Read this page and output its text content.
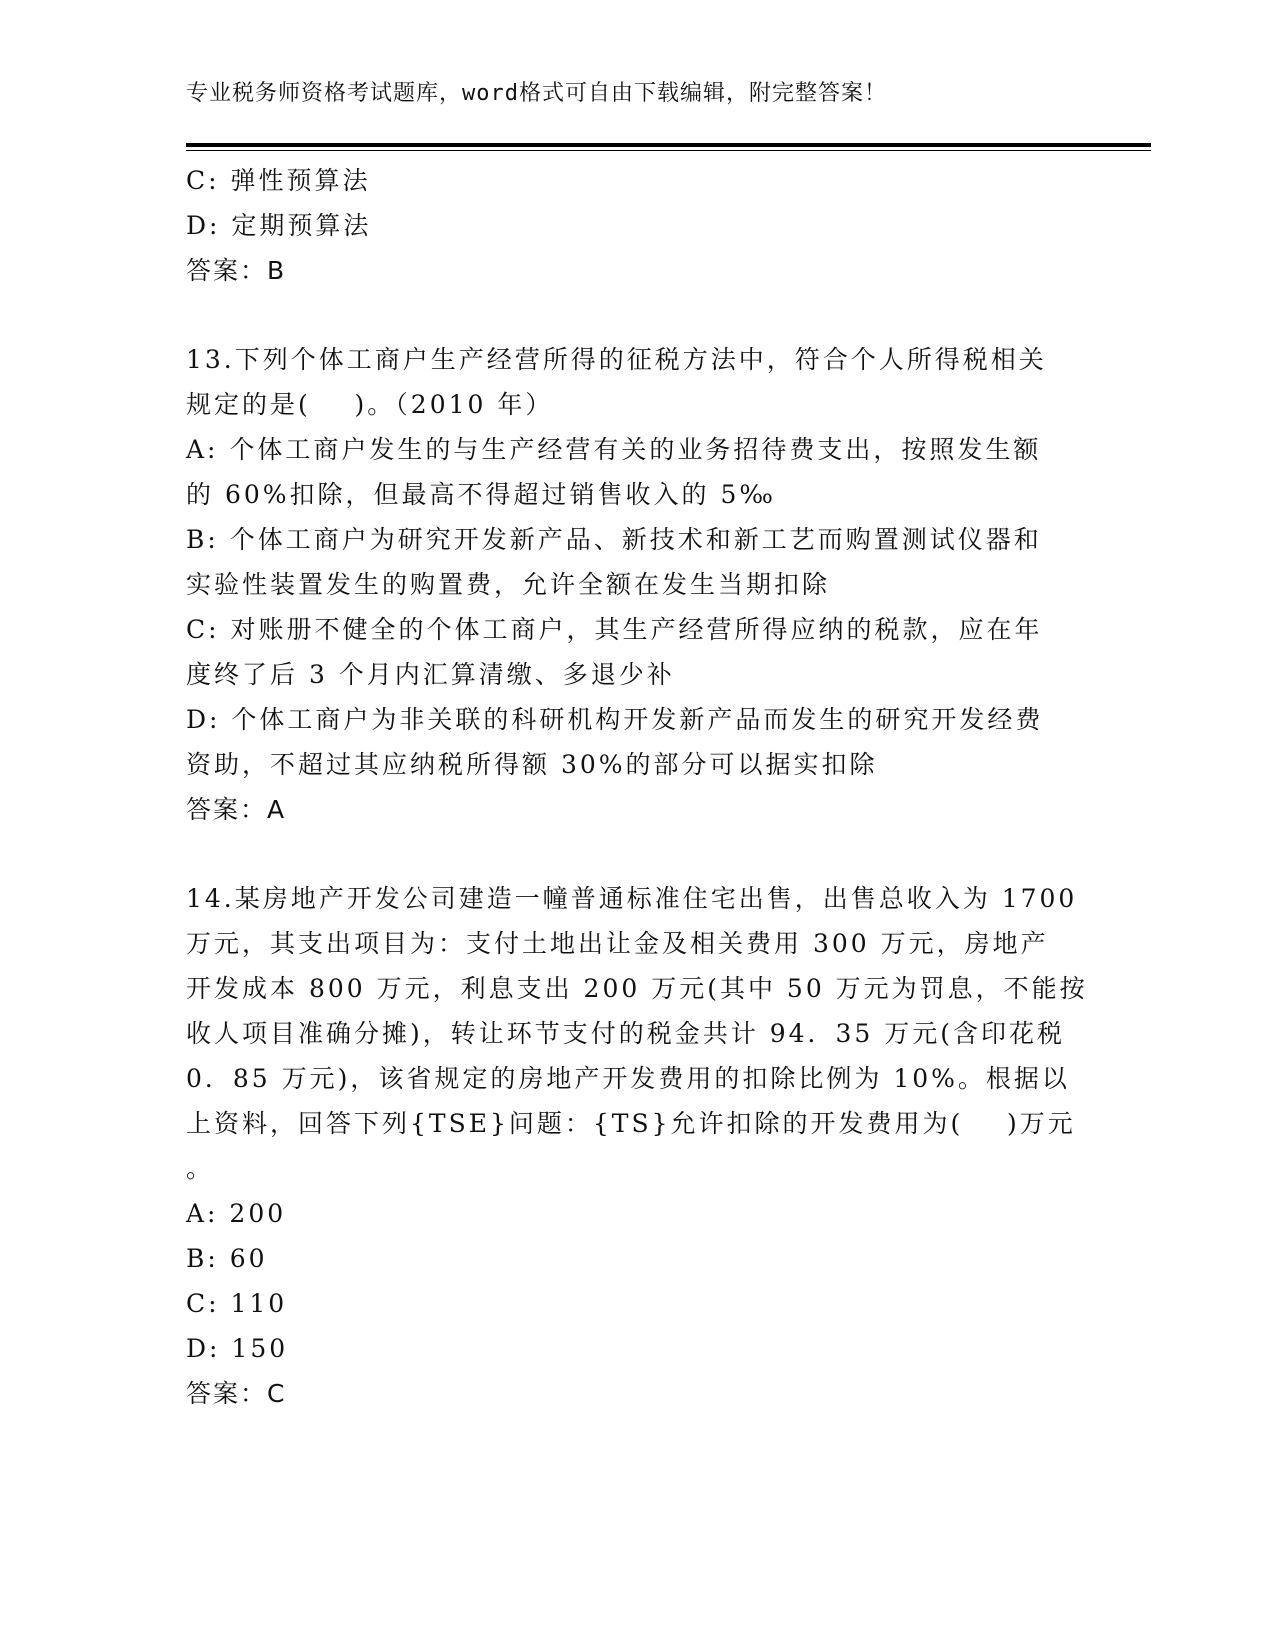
专业税务师资格考试题库，word格式可自由下载编辑，附完整答案！
C: 弹性预算法
D: 定期预算法
答案：B
13.下列个体工商户生产经营所得的征税方法中，符合个人所得税相关
规定的是(    )。（2010 年）
A: 个体工商户发生的与生产经营有关的业务招待费支出，按照发生额
的 60%扣除，但最高不得超过销售收入的 5‰
B: 个体工商户为研究开发新产品、新技术和新工艺而购置测试仪器和
实验性装置发生的购置费，允许全额在发生当期扣除
C: 对账册不健全的个体工商户，其生产经营所得应纳的税款，应在年
度终了后 3 个月内汇算清缴、多退少补
D: 个体工商户为非关联的科研机构开发新产品而发生的研究开发经费
资助，不超过其应纳税所得额 30%的部分可以据实扣除
答案：A
14.某房地产开发公司建造一幢普通标准住宅出售，出售总收入为 1700
万元，其支出项目为：支付土地出让金及相关费用 300 万元，房地产
开发成本 800 万元，利息支出 200 万元(其中 50 万元为罚息，不能按
收人项目准确分摊)，转让环节支付的税金共计 94．35 万元(含印花税
0．85 万元)，该省规定的房地产开发费用的扣除比例为 10%。根据以
上资料，回答下列{TSE}问题：{TS}允许扣除的开发费用为(    )万元
。
A: 200
B: 60
C: 110
D: 150
答案：C
